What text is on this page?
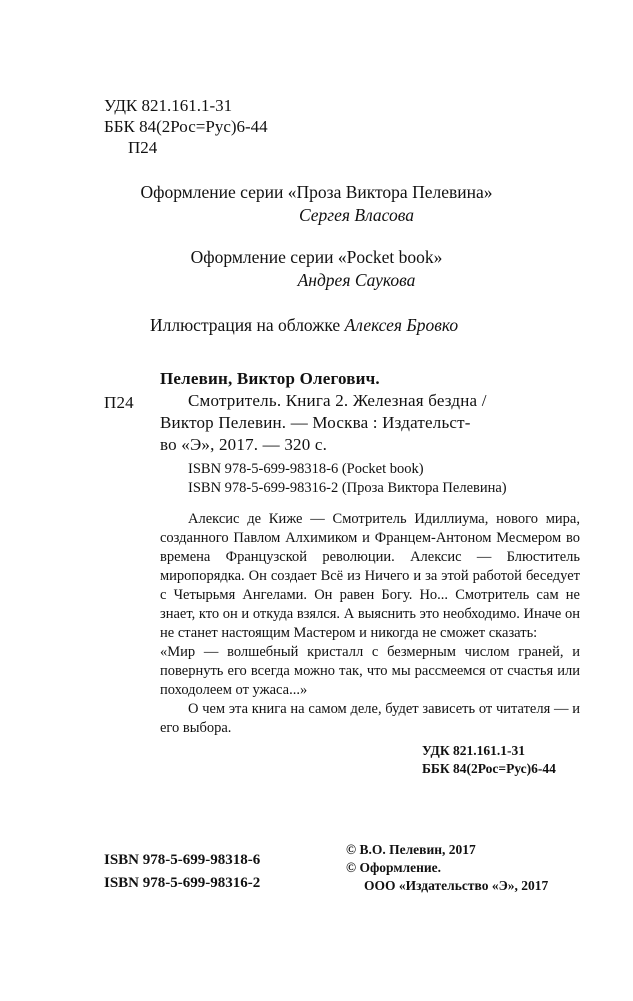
УДК 821.161.1-31
ББК 84(2Рос=Рус)6-44
П24
Оформление серии «Проза Виктора Пелевина»
Сергея Власова
Оформление серии «Pocket book»
Андрея Саукова
Иллюстрация на обложке Алексея Бровко
Пелевин, Виктор Олегович.
П24	Смотритель. Книга 2. Железная бездна /
Виктор Пелевин. — Москва : Издательст-
во «Э», 2017. — 320 с.
ISBN 978-5-699-98318-6 (Pocket book)
ISBN 978-5-699-98316-2 (Проза Виктора Пелевина)

Алексис де Киже — Смотритель Идиллиума, нового мира, созданного Павлом Алхимиком и Францем-Антоном Месмером во времена Французской революции. Алексис — Блюститель миропорядка. Он создает Всё из Ничего и за этой работой беседует с Четырьмя Ангелами. Он равен Богу. Но... Смотритель сам не знает, кто он и откуда взялся. А выяснить это необходимо. Иначе он не станет настоящим Мастером и никогда не сможет сказать:

«Мир — волшебный кристалл с безмерным числом граней, и повернуть его всегда можно так, что мы рассмеемся от счастья или походолеем от ужаса...»

О чем эта книга на самом деле, будет зависеть от читателя — и его выбора.

УДК 821.161.1-31
ББК 84(2Рос=Рус)6-44
ISBN 978-5-699-98318-6
ISBN 978-5-699-98316-2
© В.О. Пелевин, 2017
© Оформление.
ООО «Издательство «Э», 2017
